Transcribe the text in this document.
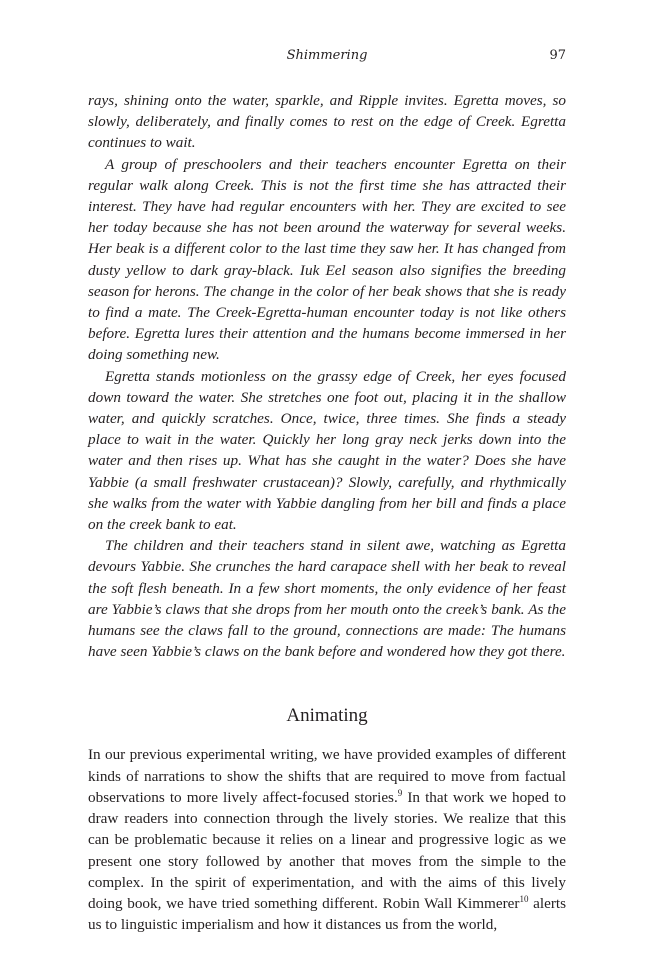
Shimmering	97

rays, shining onto the water, sparkle, and Ripple invites. Egretta moves, so slowly, deliberately, and finally comes to rest on the edge of Creek. Egretta continues to wait.

A group of preschoolers and their teachers encounter Egretta on their regular walk along Creek. This is not the first time she has attracted their interest. They have had regular encounters with her. They are excited to see her today because she has not been around the waterway for several weeks. Her beak is a different color to the last time they saw her. It has changed from dusty yellow to dark gray-black. Iuk Eel season also signifies the breeding season for herons. The change in the color of her beak shows that she is ready to find a mate. The Creek-Egretta-human encounter today is not like others before. Egretta lures their attention and the humans become immersed in her doing something new.

Egretta stands motionless on the grassy edge of Creek, her eyes focused down toward the water. She stretches one foot out, placing it in the shallow water, and quickly scratches. Once, twice, three times. She finds a steady place to wait in the water. Quickly her long gray neck jerks down into the water and then rises up. What has she caught in the water? Does she have Yabbie (a small freshwater crustacean)? Slowly, carefully, and rhythmically she walks from the water with Yabbie dangling from her bill and finds a place on the creek bank to eat.

The children and their teachers stand in silent awe, watching as Egretta devours Yabbie. She crunches the hard carapace shell with her beak to reveal the soft flesh beneath. In a few short moments, the only evidence of her feast are Yabbie’s claws that she drops from her mouth onto the creek’s bank. As the humans see the claws fall to the ground, connections are made: The humans have seen Yabbie’s claws on the bank before and wondered how they got there.

Animating

In our previous experimental writing, we have provided examples of different kinds of narrations to show the shifts that are required to move from factual observations to more lively affect-focused stories.$^9$ In that work we hoped to draw readers into connection through the lively stories. We realize that this can be problematic because it relies on a linear and progressive logic as we present one story followed by another that moves from the simple to the complex. In the spirit of experimentation, and with the aims of this lively doing book, we have tried something different. Robin Wall Kimmerer$^{10}$ alerts us to linguistic imperialism and how it distances us from the world,
